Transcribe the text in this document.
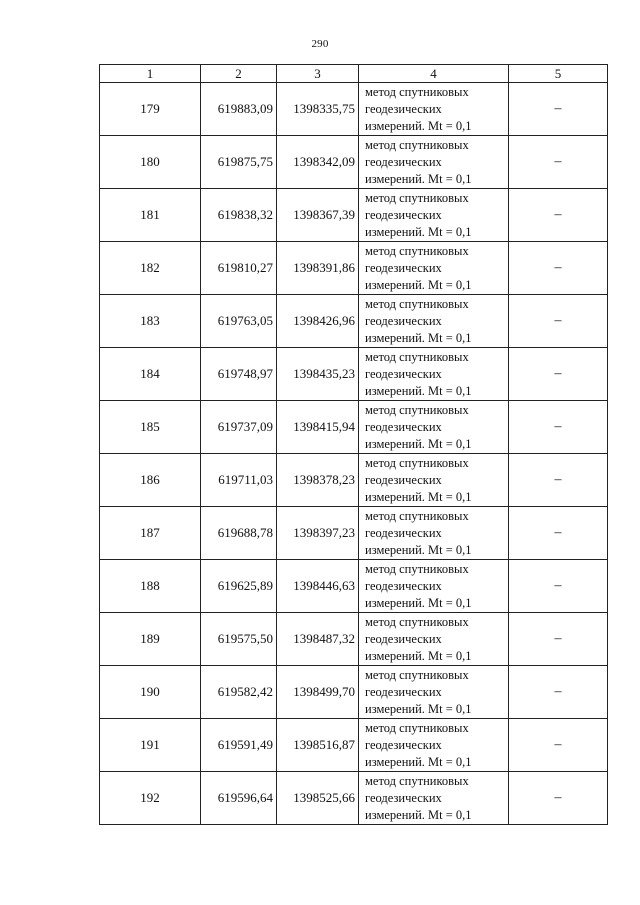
290
1	2	3	4	5
179	619883,09	1398335,75	метод спутниковых
геодезических
измерений. Mt = 0,1	–
180	619875,75	1398342,09	метод спутниковых
геодезических
измерений. Mt = 0,1	–
181	619838,32	1398367,39	метод спутниковых
геодезических
измерений. Mt = 0,1	–
182	619810,27	1398391,86	метод спутниковых
геодезических
измерений. Mt = 0,1	–
183	619763,05	1398426,96	метод спутниковых
геодезических
измерений. Mt = 0,1	–
184	619748,97	1398435,23	метод спутниковых
геодезических
измерений. Mt = 0,1	–
185	619737,09	1398415,94	метод спутниковых
геодезических
измерений. Mt = 0,1	–
186	619711,03	1398378,23	метод спутниковых
геодезических
измерений. Mt = 0,1	–
187	619688,78	1398397,23	метод спутниковых
геодезических
измерений. Mt = 0,1	–
188	619625,89	1398446,63	метод спутниковых
геодезических
измерений. Mt = 0,1	–
189	619575,50	1398487,32	метод спутниковых
геодезических
измерений. Mt = 0,1	–
190	619582,42	1398499,70	метод спутниковых
геодезических
измерений. Mt = 0,1	–
191	619591,49	1398516,87	метод спутниковых
геодезических
измерений. Mt = 0,1	–
192	619596,64	1398525,66	метод спутниковых
геодезических
измерений. Mt = 0,1	–
